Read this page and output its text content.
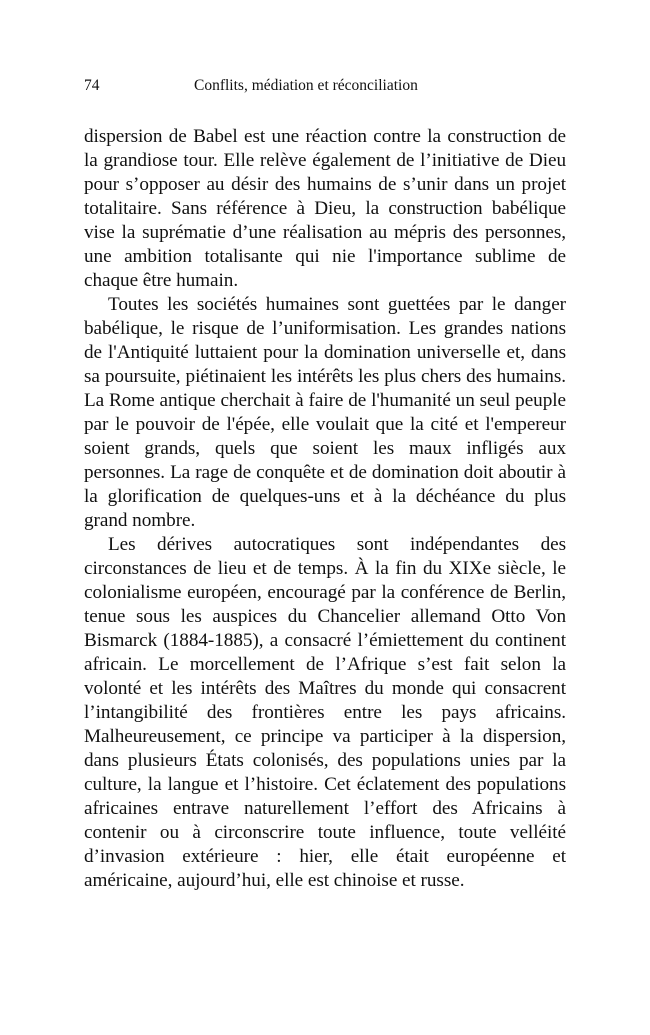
74	Conflits, médiation et réconciliation

dispersion de Babel est une réaction contre la construction de la grandiose tour. Elle relève également de l’initiative de Dieu pour s’opposer au désir des humains de s’unir dans un projet totalitaire. Sans référence à Dieu, la construction babélique vise la suprématie d’une réalisation au mépris des personnes, une ambition totalisante qui nie l'importance sublime de chaque être humain.

Toutes les sociétés humaines sont guettées par le danger babélique, le risque de l’uniformisation. Les grandes nations de l'Antiquité luttaient pour la domination universelle et, dans sa poursuite, piétinaient les intérêts les plus chers des humains. La Rome antique cherchait à faire de l'humanité un seul peuple par le pouvoir de l'épée, elle voulait que la cité et l'empereur soient grands, quels que soient les maux infligés aux personnes. La rage de conquête et de domination doit aboutir à la glorification de quelques-uns et à la déchéance du plus grand nombre.

Les dérives autocratiques sont indépendantes des circonstances de lieu et de temps. À la fin du XIXe siècle, le colonialisme européen, encouragé par la conférence de Berlin, tenue sous les auspices du Chancelier allemand Otto Von Bismarck (1884-1885), a consacré l’émiettement du continent africain. Le morcellement de l’Afrique s’est fait selon la volonté et les intérêts des Maîtres du monde qui consacrent l’intangibilité des frontières entre les pays africains. Malheureusement, ce principe va participer à la dispersion, dans plusieurs États colonisés, des populations unies par la culture, la langue et l’histoire. Cet éclatement des populations africaines entrave naturellement l’effort des Africains à contenir ou à circonscrire toute influence, toute velléité d’invasion extérieure : hier, elle était européenne et américaine, aujourd’hui, elle est chinoise et russe.
